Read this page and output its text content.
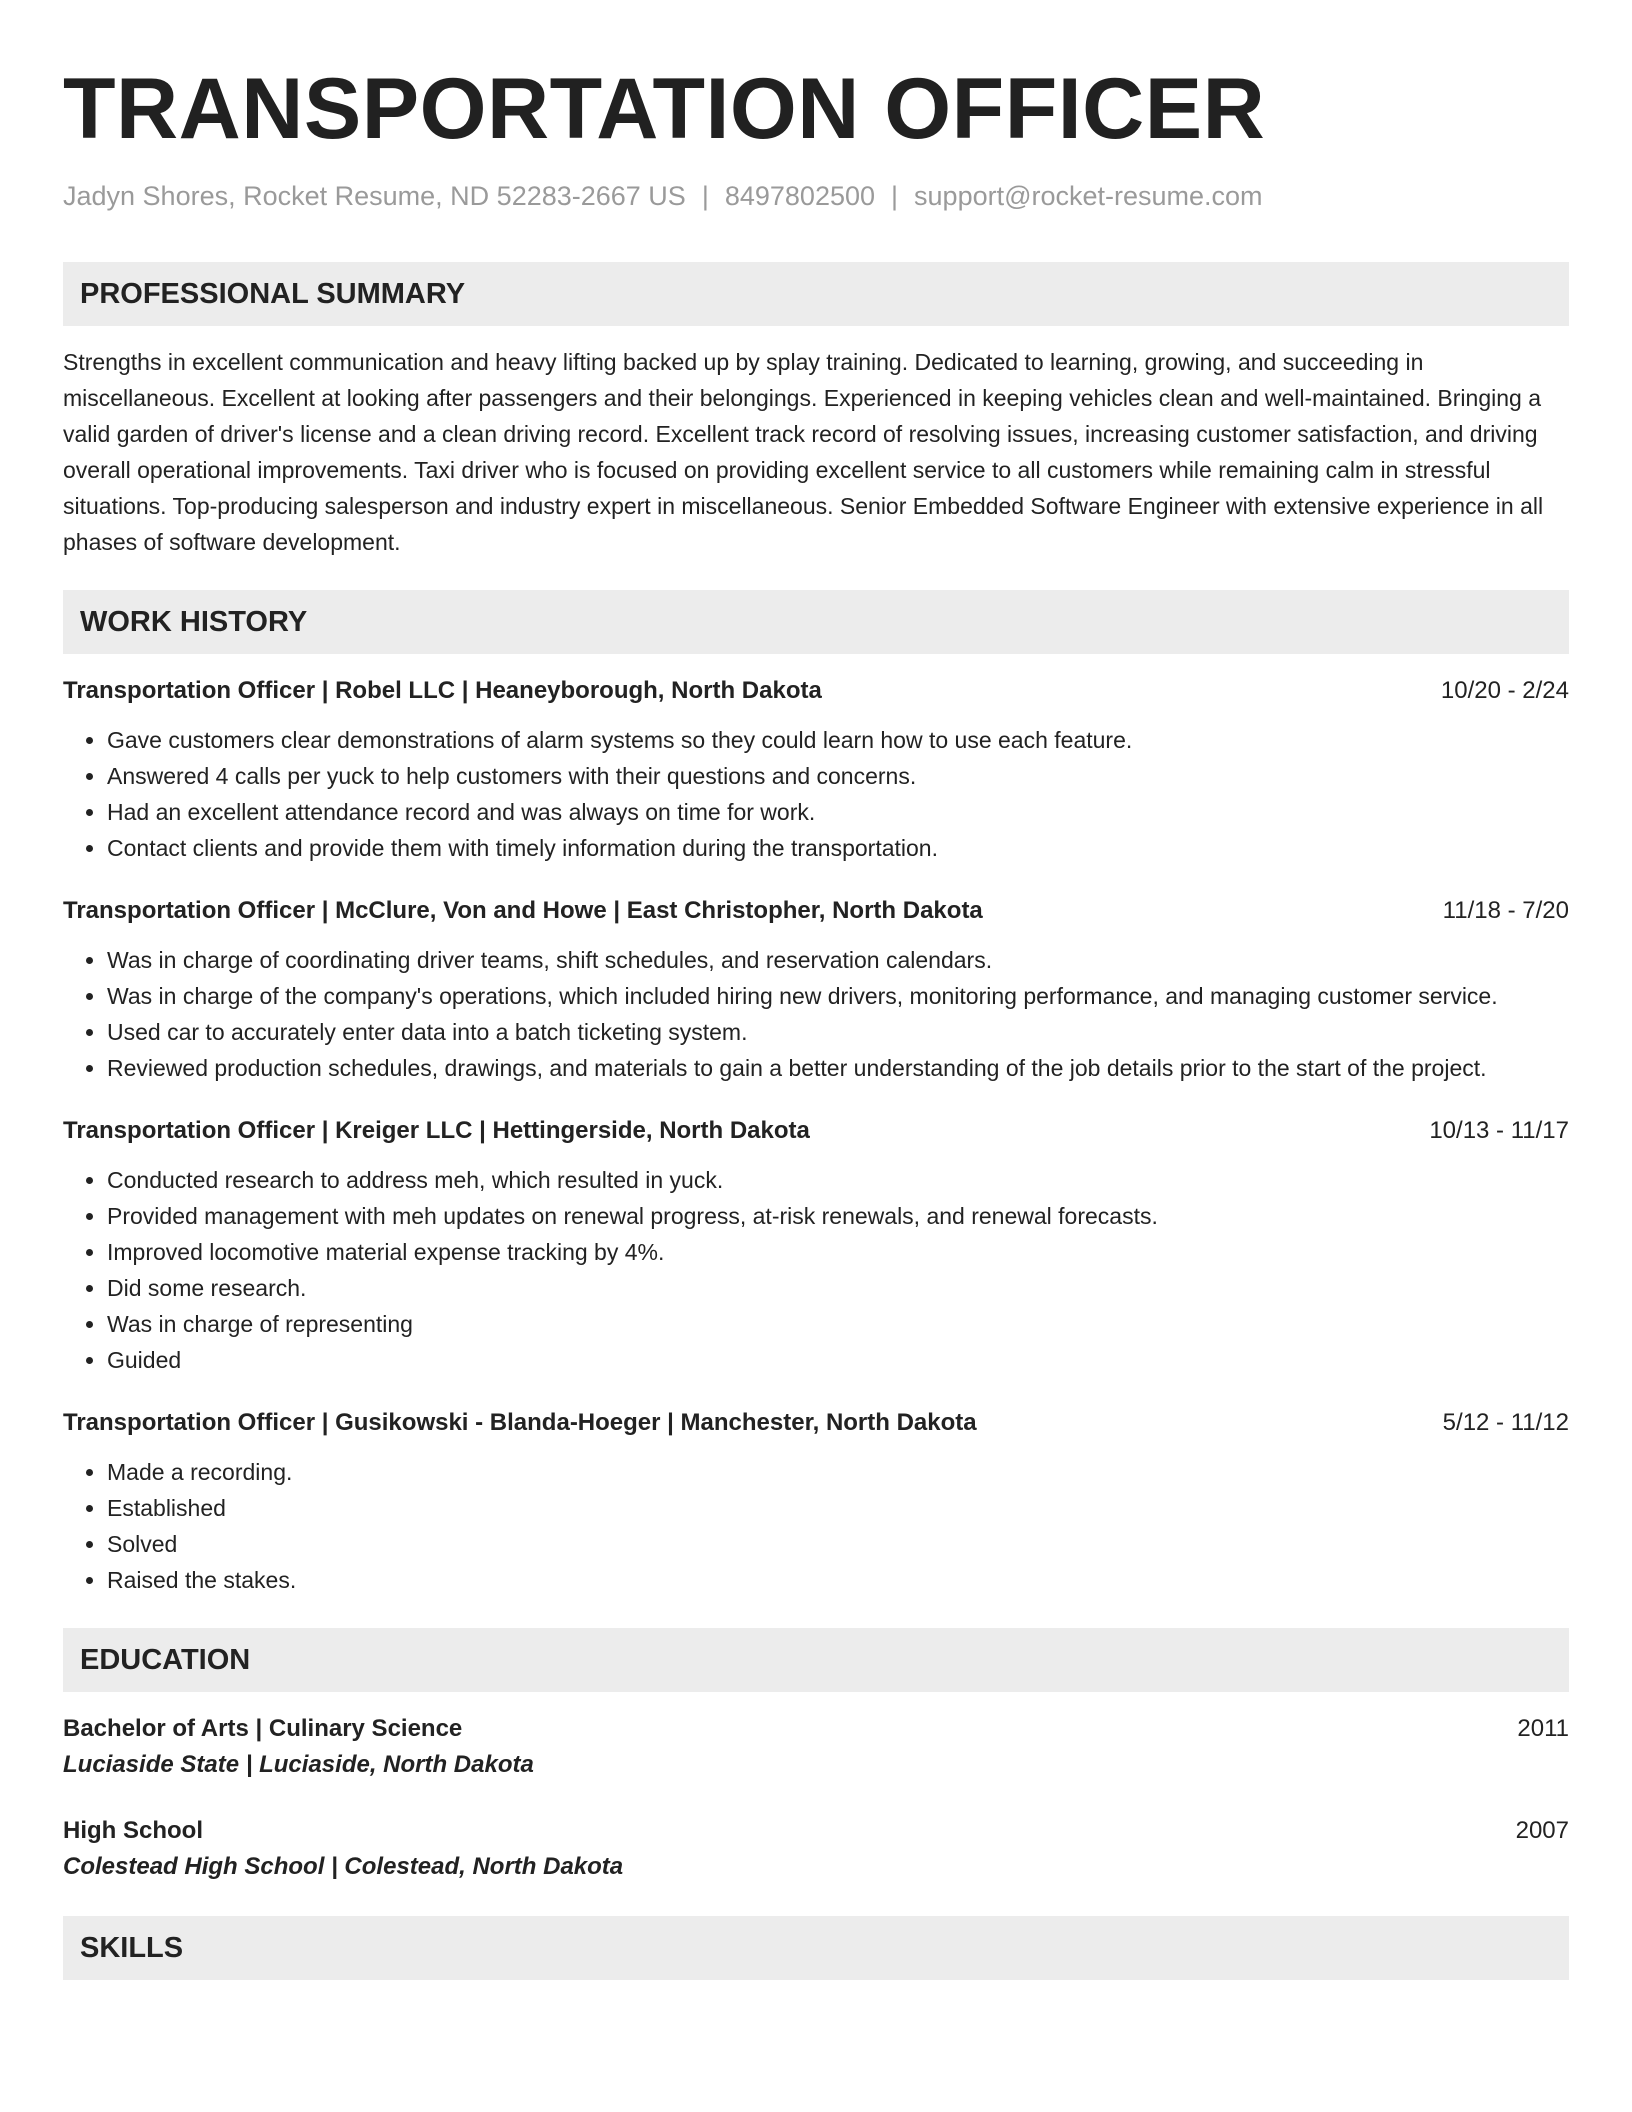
TRANSPORTATION OFFICER
Jadyn Shores, Rocket Resume, ND 52283-2667 US | 8497802500 | support@rocket-resume.com
PROFESSIONAL SUMMARY

Strengths in excellent communication and heavy lifting backed up by splay training. Dedicated to learning, growing, and succeeding in miscellaneous. Excellent at looking after passengers and their belongings. Experienced in keeping vehicles clean and well-maintained. Bringing a valid garden of driver's license and a clean driving record. Excellent track record of resolving issues, increasing customer satisfaction, and driving overall operational improvements. Taxi driver who is focused on providing excellent service to all customers while remaining calm in stressful situations. Top-producing salesperson and industry expert in miscellaneous. Senior Embedded Software Engineer with extensive experience in all phases of software development.

WORK HISTORY
Transportation Officer | Robel LLC | Heaneyborough, North Dakota	10/20 - 2/24
• Gave customers clear demonstrations of alarm systems so they could learn how to use each feature.
• Answered 4 calls per yuck to help customers with their questions and concerns.
• Had an excellent attendance record and was always on time for work.
• Contact clients and provide them with timely information during the transportation.
Transportation Officer | McClure, Von and Howe | East Christopher, North Dakota	11/18 - 7/20
• Was in charge of coordinating driver teams, shift schedules, and reservation calendars.
• Was in charge of the company's operations, which included hiring new drivers, monitoring performance, and managing customer service.
• Used car to accurately enter data into a batch ticketing system.
• Reviewed production schedules, drawings, and materials to gain a better understanding of the job details prior to the start of the project.
Transportation Officer | Kreiger LLC | Hettingerside, North Dakota	10/13 - 11/17
• Conducted research to address meh, which resulted in yuck.
• Provided management with meh updates on renewal progress, at-risk renewals, and renewal forecasts.
• Improved locomotive material expense tracking by 4%.
• Did some research.
• Was in charge of representing
• Guided
Transportation Officer | Gusikowski - Blanda-Hoeger | Manchester, North Dakota	5/12 - 11/12
• Made a recording.
• Established
• Solved
• Raised the stakes.
EDUCATION
Bachelor of Arts | Culinary Science	2011
Luciaside State | Luciaside, North Dakota
High School	2007
Colestead High School | Colestead, North Dakota
SKILLS
